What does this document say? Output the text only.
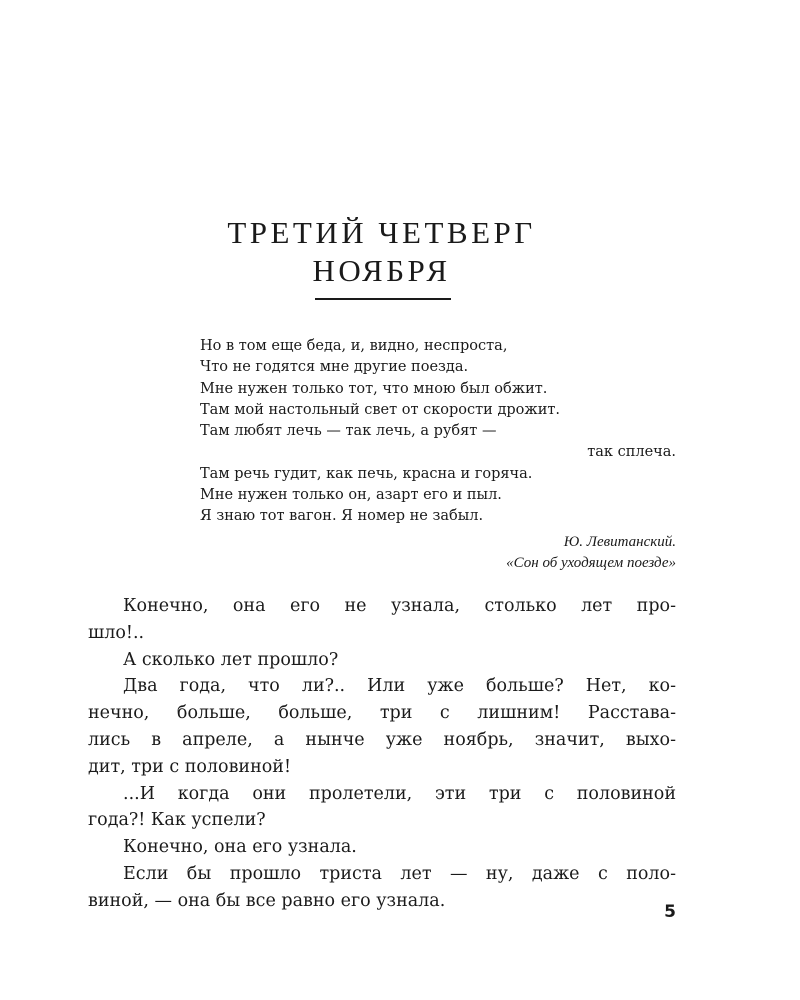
ТРЕТИЙ ЧЕТВЕРГ
НОЯБРЯ
Но в том еще беда, и, видно, неспроста,
Что не годятся мне другие поезда.
Мне нужен только тот, что мною был обжит.
Там мой настольный свет от скорости дрожит.
Там любят лечь — так лечь, а рубят —
так сплеча.
Там речь гудит, как печь, красна и горяча.
Мне нужен только он, азарт его и пыл.
Я знаю тот вагон. Я номер не забыл.
Ю. Левитанский.
«Сон об уходящем поезде»
Конечно, она его не узнала, столько лет про-
шло!..
А сколько лет прошло?
Два года, что ли?.. Или уже больше? Нет, ко-
нечно, больше, больше, три с лишним! Расстава-
лись в апреле, а нынче уже ноябрь, значит, выхо-
дит, три с половиной!
...И когда они пролетели, эти три с половиной
года?! Как успели?
Конечно, она его узнала.
Если бы прошло триста лет — ну, даже с поло-
виной, — она бы все равно его узнала.
5
